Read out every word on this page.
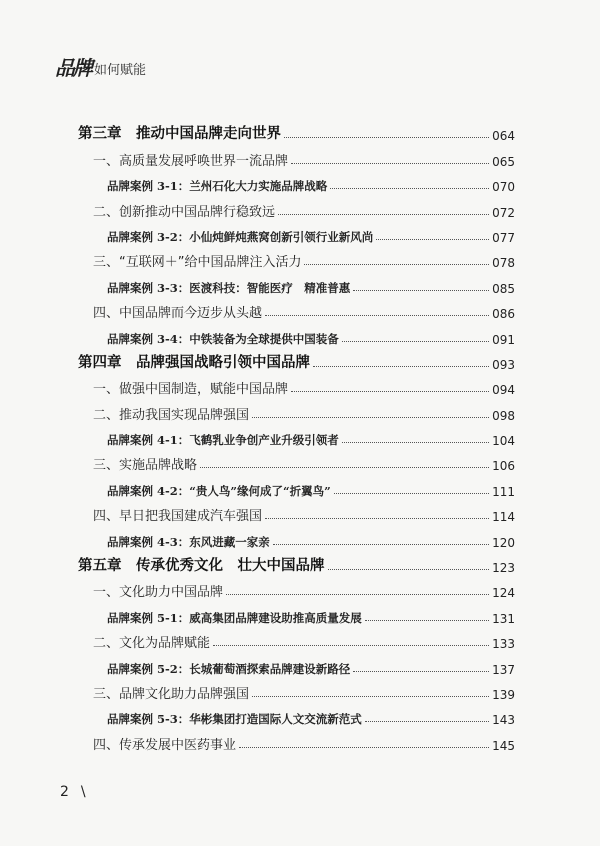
品牌 如何赋能
第三章　推动中国品牌走向世界	064
一、高质量发展呼唤世界一流品牌	065
品牌案例 3-1：兰州石化大力实施品牌战略	070
二、创新推动中国品牌行稳致远	072
品牌案例 3-2：小仙炖鲜炖燕窝创新引领行业新风尚	077
三、“互联网＋”给中国品牌注入活力	078
品牌案例 3-3：医渡科技：智能医疗　精准普惠	085
四、中国品牌而今迈步从头越	086
品牌案例 3-4：中铁装备为全球提供中国装备	091
第四章　品牌强国战略引领中国品牌	093
一、做强中国制造，赋能中国品牌	094
二、推动我国实现品牌强国	098
品牌案例 4-1：飞鹤乳业争创产业升级引领者	104
三、实施品牌战略	106
品牌案例 4-2：“贵人鸟”缘何成了“折翼鸟”	111
四、早日把我国建成汽车强国	114
品牌案例 4-3：东风进藏一家亲	120
第五章　传承优秀文化　壮大中国品牌	123
一、文化助力中国品牌	124
品牌案例 5-1：威高集团品牌建设助推高质量发展	131
二、文化为品牌赋能	133
品牌案例 5-2：长城葡萄酒探索品牌建设新路径	137
三、品牌文化助力品牌强国	139
品牌案例 5-3：华彬集团打造国际人文交流新范式	143
四、传承发展中医药事业	145
2 \
